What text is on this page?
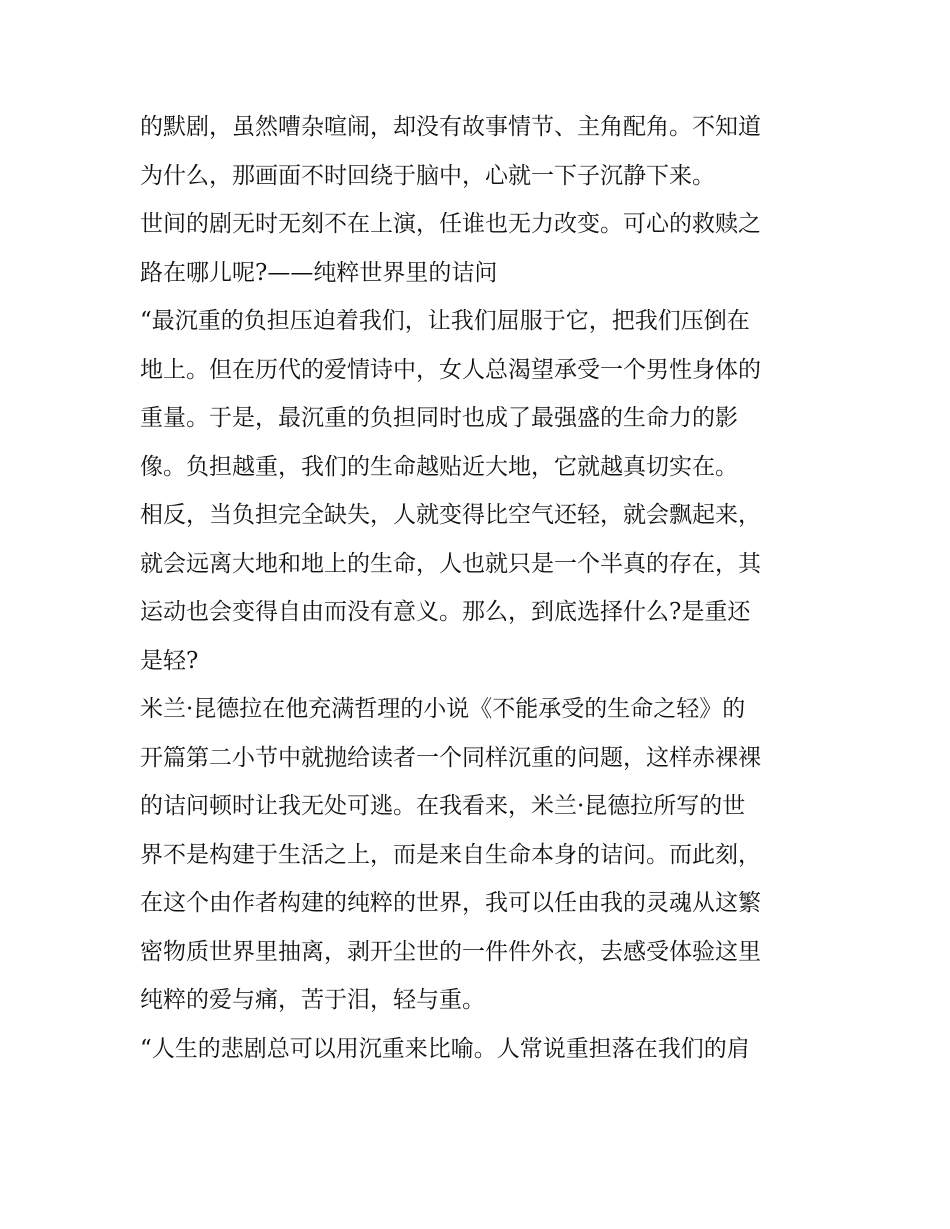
的默剧，虽然嘈杂喧闹，却没有故事情节、主角配角。不知道
为什么，那画面不时回绕于脑中，心就一下子沉静下来。
世间的剧无时无刻不在上演，任谁也无力改变。可心的救赎之
路在哪儿呢?——纯粹世界里的诘问
“最沉重的负担压迫着我们，让我们屈服于它，把我们压倒在
地上。但在历代的爱情诗中，女人总渴望承受一个男性身体的
重量。于是，最沉重的负担同时也成了最强盛的生命力的影
像。负担越重，我们的生命越贴近大地，它就越真切实在。
相反，当负担完全缺失，人就变得比空气还轻，就会飘起来，
就会远离大地和地上的生命，人也就只是一个半真的存在，其
运动也会变得自由而没有意义。那么，到底选择什么?是重还
是轻?
米兰·昆德拉在他充满哲理的小说《不能承受的生命之轻》的
开篇第二小节中就抛给读者一个同样沉重的问题，这样赤裸裸
的诘问顿时让我无处可逃。在我看来，米兰·昆德拉所写的世
界不是构建于生活之上，而是来自生命本身的诘问。而此刻，
在这个由作者构建的纯粹的世界，我可以任由我的灵魂从这繁
密物质世界里抽离，剥开尘世的一件件外衣，去感受体验这里
纯粹的爱与痛，苦于泪，轻与重。
“人生的悲剧总可以用沉重来比喻。人常说重担落在我们的肩
